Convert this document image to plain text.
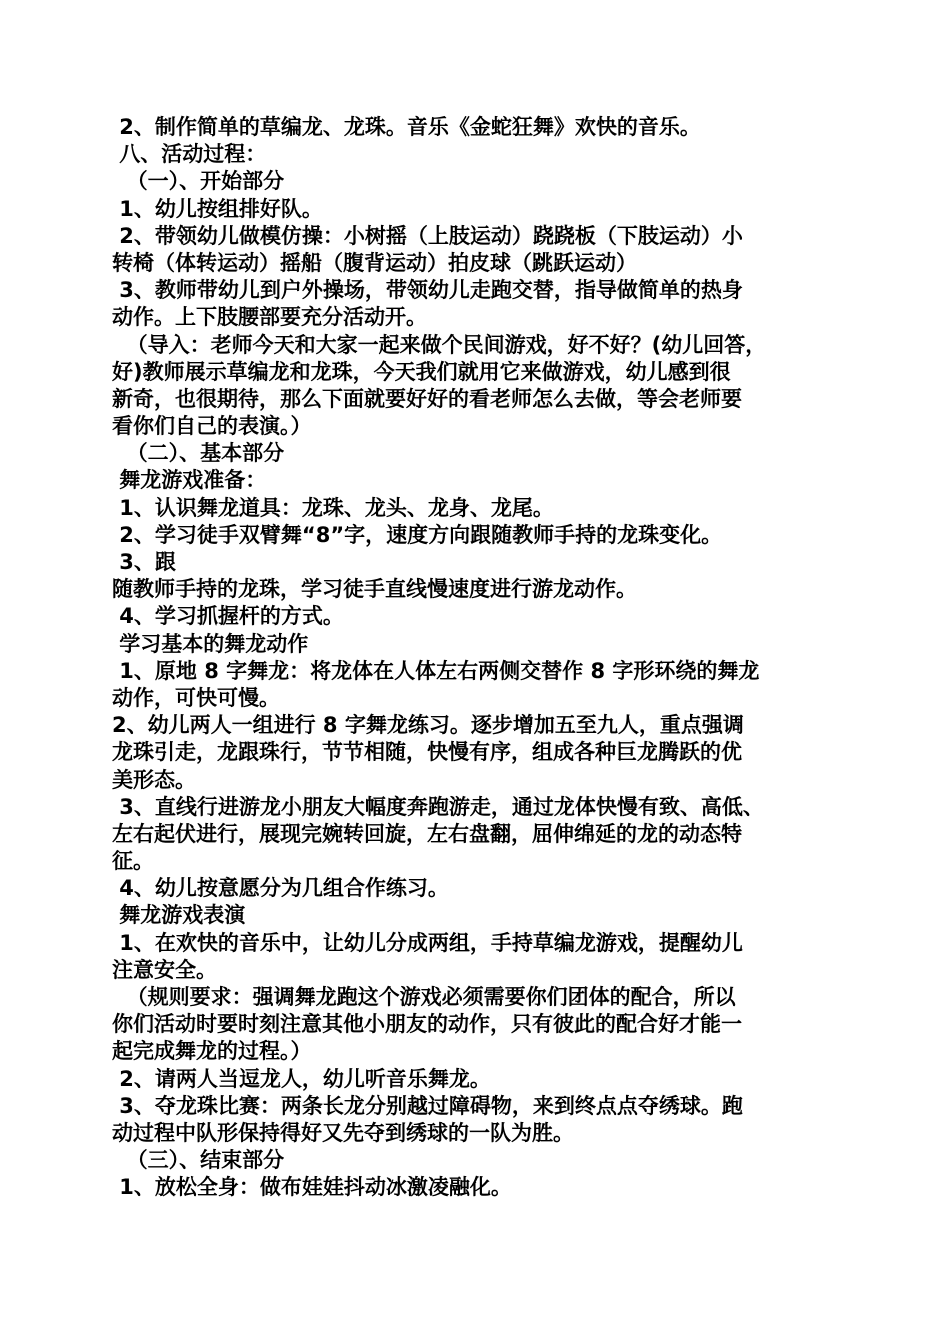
2、制作简单的草编龙、龙珠。音乐《金蛇狂舞》欢快的音乐。
八、活动过程：
（一）、开始部分
1、幼儿按组排好队。
2、带领幼儿做模仿操：小树摇（上肢运动）跷跷板（下肢运动）小
转椅（体转运动）摇船（腹背运动）拍皮球（跳跃运动）
3、教师带幼儿到户外操场，带领幼儿走跑交替，指导做简单的热身
动作。上下肢腰部要充分活动开。
（导入：老师今天和大家一起来做个民间游戏，好不好？(幼儿回答，
好)教师展示草编龙和龙珠，今天我们就用它来做游戏，幼儿感到很
新奇，也很期待，那么下面就要好好的看老师怎么去做，等会老师要
看你们自己的表演。）
（二）、基本部分
舞龙游戏准备：
1、认识舞龙道具：龙珠、龙头、龙身、龙尾。
2、学习徒手双臂舞“8”字，速度方向跟随教师手持的龙珠变化。
3、跟
随教师手持的龙珠，学习徒手直线慢速度进行游龙动作。
4、学习抓握杆的方式。
学习基本的舞龙动作
1、原地 8 字舞龙：将龙体在人体左右两侧交替作 8 字形环绕的舞龙
动作，可快可慢。
2、幼儿两人一组进行 8 字舞龙练习。逐步增加五至九人，重点强调
龙珠引走，龙跟珠行，节节相随，快慢有序，组成各种巨龙腾跃的优
美形态。
3、直线行进游龙小朋友大幅度奔跑游走，通过龙体快慢有致、高低、
左右起伏进行，展现完婉转回旋，左右盘翻，屈伸绵延的龙的动态特
征。
4、幼儿按意愿分为几组合作练习。
舞龙游戏表演
1、在欢快的音乐中，让幼儿分成两组，手持草编龙游戏，提醒幼儿
注意安全。
（规则要求：强调舞龙跑这个游戏必须需要你们团体的配合，所以
你们活动时要时刻注意其他小朋友的动作，只有彼此的配合好才能一
起完成舞龙的过程。）
2、请两人当逗龙人，幼儿听音乐舞龙。
3、夺龙珠比赛：两条长龙分别越过障碍物，来到终点点夺绣球。跑
动过程中队形保持得好又先夺到绣球的一队为胜。
（三）、结束部分
1、放松全身：做布娃娃抖动冰激凌融化。
